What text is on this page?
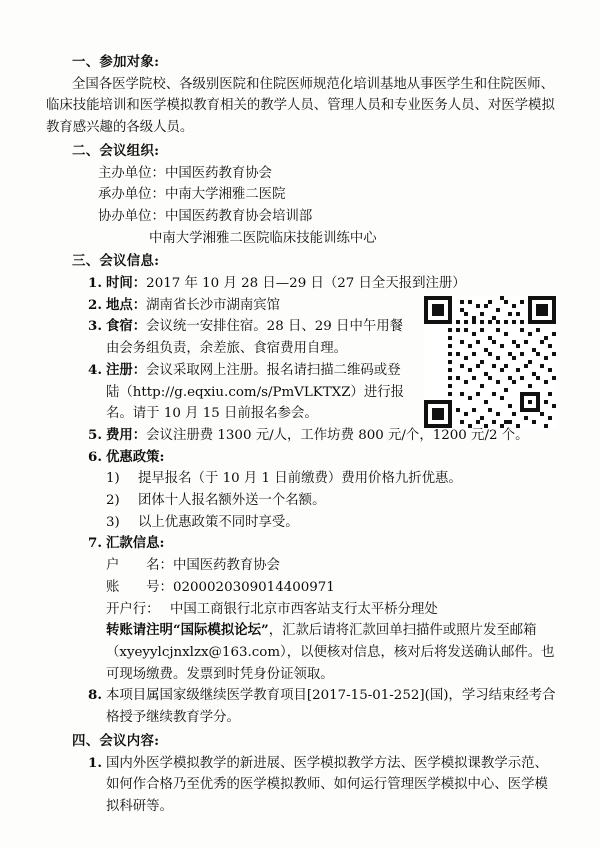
一、参加对象:
全国各医学院校、各级别医院和住院医师规范化培训基地从事医学生和住院医师、临床技能培训和医学模拟教育相关的教学人员、管理人员和专业医务人员、对医学模拟教育感兴趣的各级人员。
二、会议组织:
主办单位：中国医药教育协会
承办单位：中南大学湘雅二医院
协办单位：中国医药教育协会培训部
中南大学湘雅二医院临床技能训练中心
三、会议信息:
1. 时间：2017 年 10 月 28 日—29 日（27 日全天报到注册）
2. 地点：湖南省长沙市湖南宾馆
3. 食宿：会议统一安排住宿。28 日、29 日中午用餐由会务组负责，余差旅、食宿费用自理。
4. 注册：会议采取网上注册。报名请扫描二维码或登陆（http://g.eqxiu.com/s/PmVLKTXZ）进行报名。请于 10 月 15 日前报名参会。
5. 费用：会议注册费 1300 元/人，工作坊费 800 元/个，1200 元/2 个。
6. 优惠政策:
1)	提早报名（于 10 月 1 日前缴费）费用价格九折优惠。
2)	团体十人报名额外送一个名额。
3)	以上优惠政策不同时享受。
7. 汇款信息:
户　　名：中国医药教育协会
账　　号：0200020309014400971
开户行： 中国工商银行北京市西客站支行太平桥分理处
转账请注明“国际模拟论坛”，汇款后请将汇款回单扫描件或照片发至邮箱（xyeyylcjnxlzx@163.com），以便核对信息，核对后将发送确认邮件。也可现场缴费。发票到时凭身份证领取。
8. 本项目属国家级继续医学教育项目[2017-15-01-252](国)，学习结束经考合格授予继续教育学分。
四、会议内容:
1. 国内外医学模拟教学的新进展、医学模拟教学方法、医学模拟课教学示范、如何作合格乃至优秀的医学模拟教师、如何运行管理医学模拟中心、医学模拟科研等。
